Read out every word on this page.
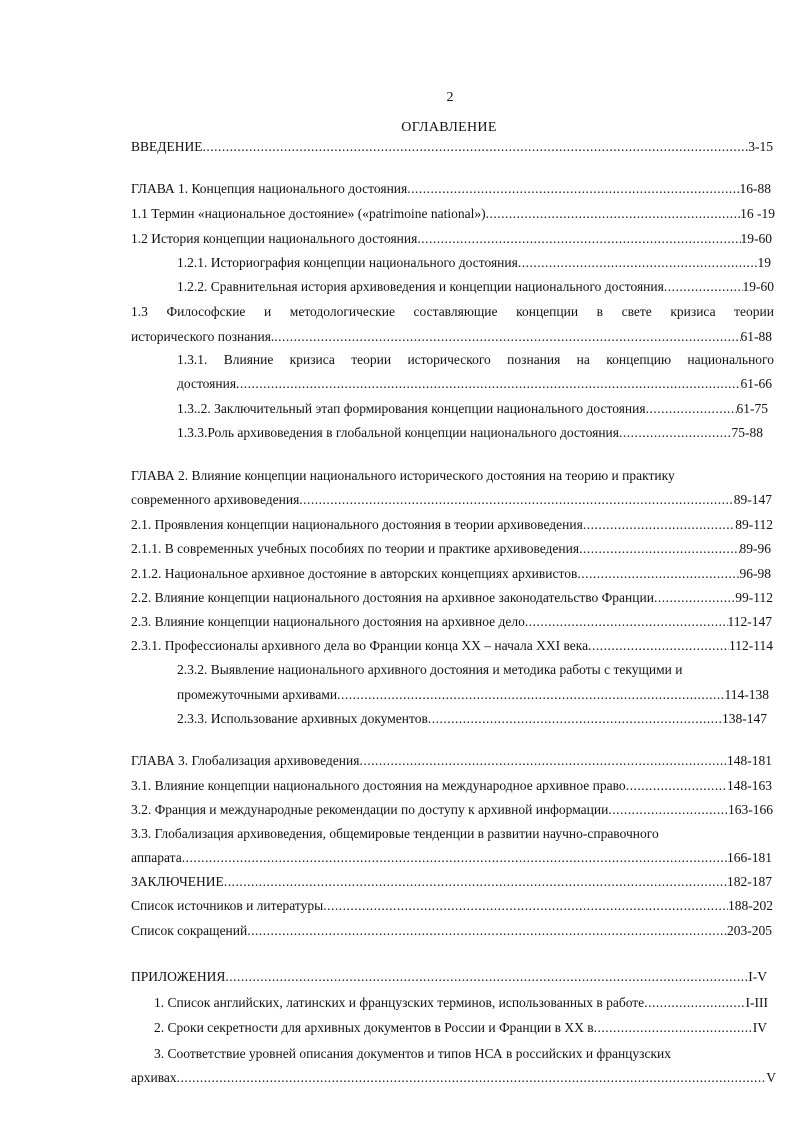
2
ОГЛАВЛЕНИЕ
ВВЕДЕНИЕ .....	3-15
ГЛАВА 1. Концепция национального достояния .....	16-88
1.1 Термин «национальное достояние» («patrimoine national») .....	16 -19
1.2 История концепции национального достояния .....	19-60
1.2.1. Историография концепции национального достояния .....	19
1.2.2. Сравнительная история архивоведения и концепции национального достояния .....	19-60
1.3 Философские и методологические составляющие концепции в свете кризиса теории
исторического познания. .....	61-88
1.3.1. Влияние кризиса теории исторического познания на концепцию национального
достояния .....	61-66
1.3..2. Заключительный этап формирования концепции национального достояния .....	61-75
1.3.3.Роль архивоведения в глобальной концепции национального достояния .....	75-88
ГЛАВА 2. Влияние концепции национального исторического достояния на теорию и практику
современного архивоведения .....	89-147
2.1. Проявления концепции национального достояния в теории архивоведения .....	89-112
2.1.1. В современных учебных пособиях по теории и практике архивоведения .....	89-96
2.1.2. Национальное архивное достояние в авторских концепциях архивистов .....	96-98
2.2. Влияние концепции национального достояния на архивное законодательство Франции .....	99-112
2.3. Влияние концепции национального достояния на архивное дело .....	112-147
2.3.1. Профессионалы архивного дела во Франции конца XX – начала XXI века .....	112-114
2.3.2. Выявление национального архивного достояния и методика работы с текущими и
промежуточными архивами .....	114-138
2.3.3. Использование архивных документов .....	138-147
ГЛАВА 3. Глобализация архивоведения .....	148-181
3.1. Влияние концепции национального достояния на международное архивное право .....	148-163
3.2. Франция и международные рекомендации по доступу к архивной информации .....	163-166
3.3. Глобализация архивоведения, общемировые тенденции в развитии научно-справочного
аппарата .....	166-181
ЗАКЛЮЧЕНИЕ .....	182-187
Список источников и литературы .....	188-202
Список сокращений .....	203-205
ПРИЛОЖЕНИЯ .....	I-V
1. Список английских, латинских и французских терминов, использованных в работе .....	I-III
2. Сроки секретности для архивных документов в России и Франции в XX в .....	IV
3. Соответствие уровней описания документов и типов НСА в российских и французских
архивах .....	V
